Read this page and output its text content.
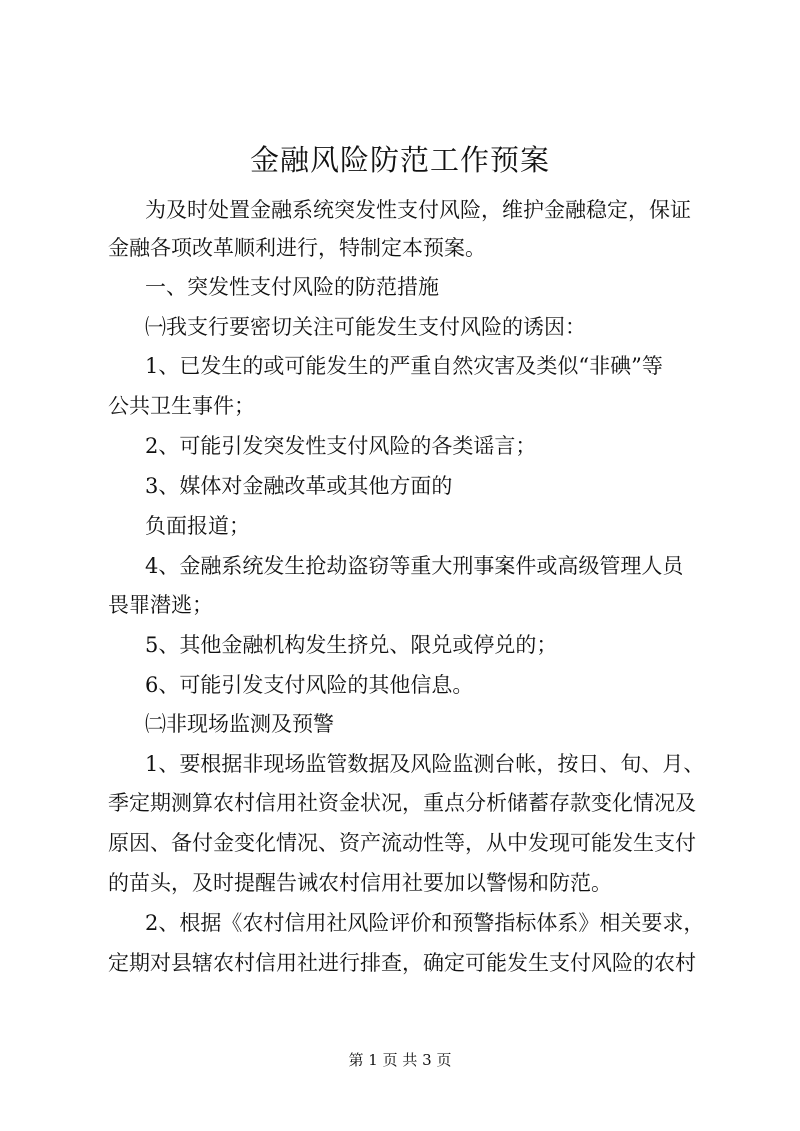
金融风险防范工作预案
为及时处置金融系统突发性支付风险，维护金融稳定，保证
金融各项改革顺利进行，特制定本预案。
一、突发性支付风险的防范措施
㈠我支行要密切关注可能发生支付风险的诱因：
1、已发生的或可能发生的严重自然灾害及类似“非碘”等
公共卫生事件；
2、可能引发突发性支付风险的各类谣言；
3、媒体对金融改革或其他方面的
负面报道；
4、金融系统发生抢劫盗窃等重大刑事案件或高级管理人员
畏罪潜逃；
5、其他金融机构发生挤兑、限兑或停兑的；
6、可能引发支付风险的其他信息。
㈡非现场监测及预警
1、要根据非现场监管数据及风险监测台帐，按日、旬、月、
季定期测算农村信用社资金状况，重点分析储蓄存款变化情况及
原因、备付金变化情况、资产流动性等，从中发现可能发生支付
的苗头，及时提醒告诫农村信用社要加以警惕和防范。
2、根据《农村信用社风险评价和预警指标体系》相关要求，
定期对县辖农村信用社进行排查，确定可能发生支付风险的农村
第 1 页 共 3 页
